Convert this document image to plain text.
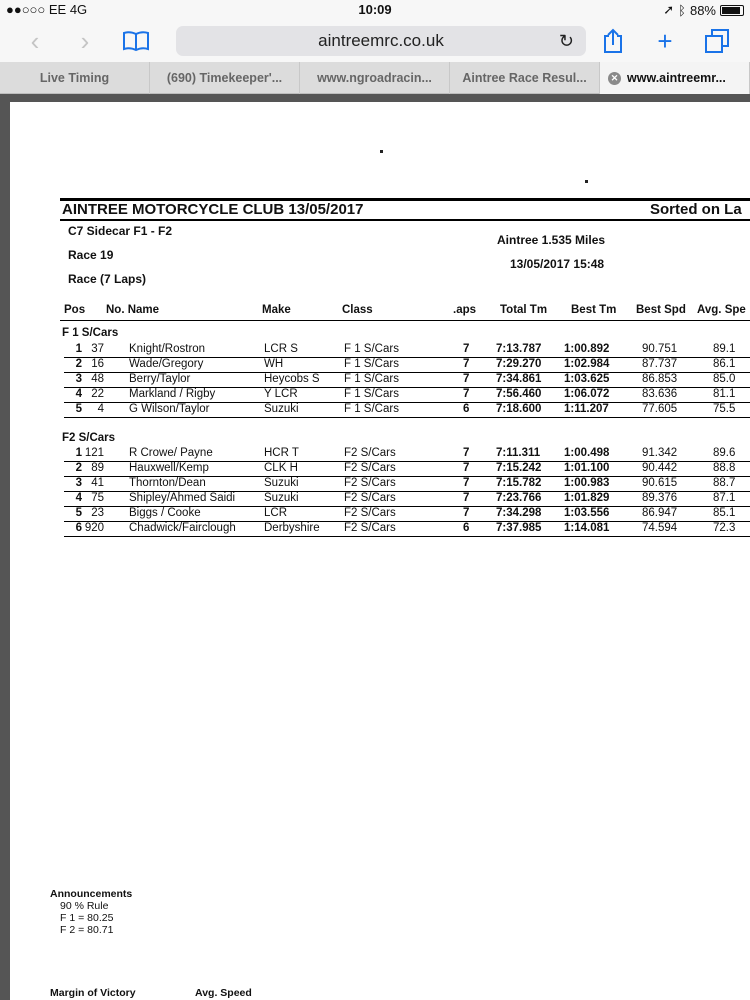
●●○○○ EE 4G	10:09	➚ ᛒ 88%
‹	›	aintreemrc.co.uk	↻	+
Live Timing	(690) Timekeeper'...	www.ngroadracin...	Aintree Race Resul...	✕ www.aintreemr...
AINTREE MOTORCYCLE CLUB 13/05/2017	Sorted on La
C7 Sidecar F1 - F2
Race 19
Race (7 Laps)
Aintree 1.535 Miles
13/05/2017 15:48
Pos No. Name	Make	Class	.aps Total Tm Best Tm Best Spd Avg. Spe
F 1 S/Cars
1 37 Knight/Rostron	LCR S	F 1 S/Cars	7 7:13.787 1:00.892	90.751	89.1
2 16 Wade/Gregory	WH	F 1 S/Cars	7 7:29.270 1:02.984	87.737	86.1
3 48 Berry/Taylor	Heycobs S F 1 S/Cars	7 7:34.861 1:03.625	86.853	85.0
4 22 Markland / Rigby	Y LCR	F 1 S/Cars	7 7:56.460 1:06.072	83.636	81.1
5	4 G Wilson/Taylor	Suzuki	F 1 S/Cars	6 7:18.600 1:11.207	77.605	75.5
F2 S/Cars
1 121 R Crowe/ Payne	HCR T	F2 S/Cars	7 7:11.311 1:00.498	91.342	89.6
2 89 Hauxwell/Kemp	CLK H	F2 S/Cars	7 7:15.242 1:01.100	90.442	88.8
3 41 Thornton/Dean	Suzuki	F2 S/Cars	7 7:15.782 1:00.983	90.615	88.7
4 75 Shipley/Ahmed Saidi	Suzuki	F2 S/Cars	7 7:23.766 1:01.829	89.376	87.1
5 23 Biggs / Cooke	LCR	F2 S/Cars	7 7:34.298 1:03.556	86.947	85.1
6 920 Chadwick/Fairclough Derbyshire F2 S/Cars	6 7:37.985 1:14.081	74.594	72.3
Announcements
90 % Rule
F 1 = 80.25
F 2 = 80.71
Margin of Victory	Avg. Speed
